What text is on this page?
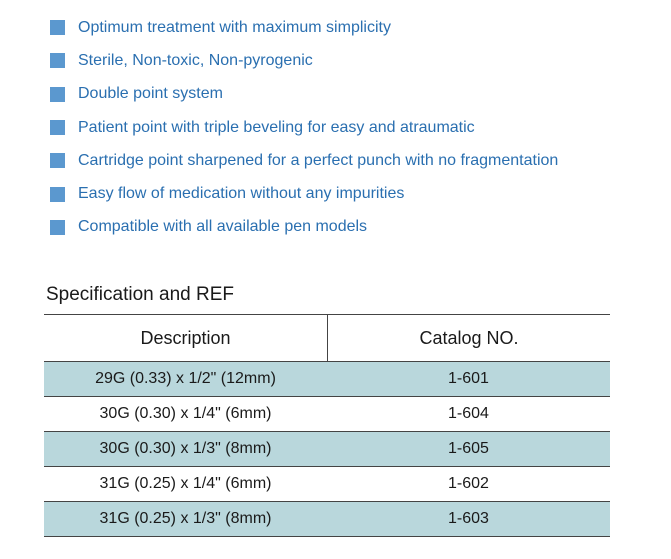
Optimum treatment with maximum simplicity
Sterile, Non-toxic, Non-pyrogenic
Double point system
Patient point with triple beveling for easy and atraumatic
Cartridge point sharpened for a perfect punch with no fragmentation
Easy flow of medication without any impurities
Compatible with all available pen models
Specification and REF
Description	Catalog NO.
29G (0.33) x 1/2" (12mm)	1-601
30G (0.30) x 1/4" (6mm)	1-604
30G (0.30) x 1/3" (8mm)	1-605
31G (0.25) x 1/4" (6mm)	1-602
31G (0.25) x 1/3" (8mm)	1-603
